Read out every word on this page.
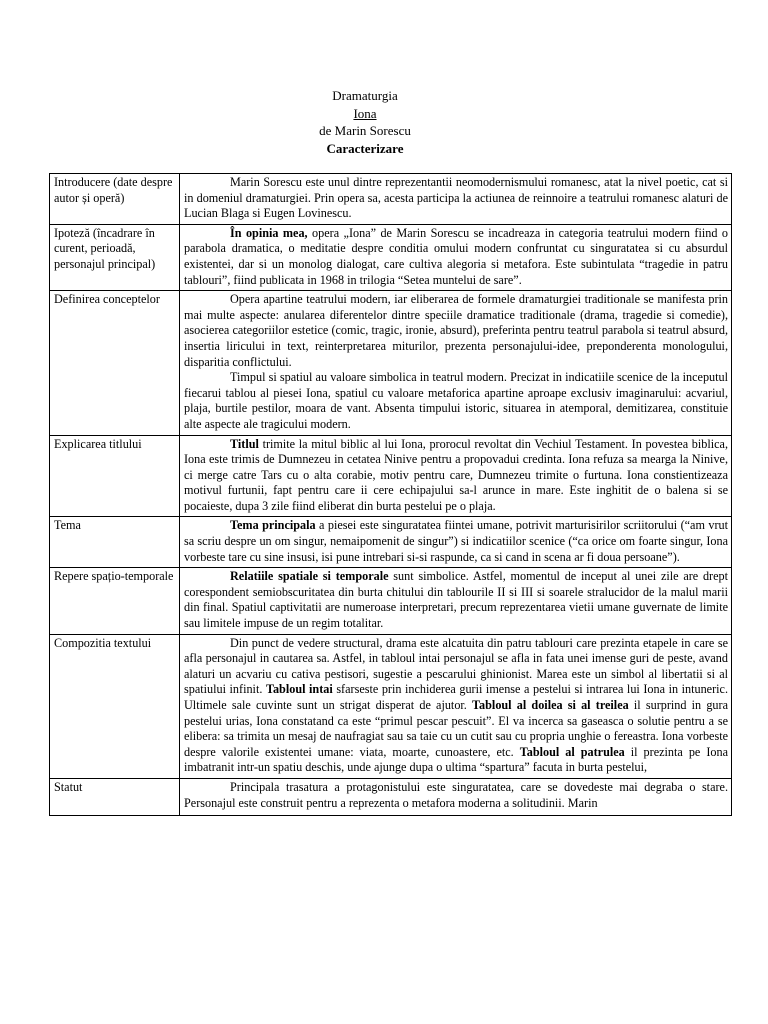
Dramaturgia
Iona
de Marin Sorescu
Caracterizare
Introducere (date despre autor și operă)	Marin Sorescu este unul dintre reprezentantii neomodernismului romanesc, atat la nivel poetic, cat si in domeniul dramaturgiei. Prin opera sa, acesta participa la actiunea de reinnoire a teatrului romanesc alaturi de Lucian Blaga si Eugen Lovinescu.

Ipoteză (încadrare în curent, perioadă, personajul principal)	În opinia mea, opera „Iona” de Marin Sorescu se incadreaza in categoria teatrului modern fiind o parabola dramatica, o meditatie despre conditia omului modern confruntat cu singuratatea si cu absurdul existentei, dar si un monolog dialogat, care cultiva alegoria si metafora. Este subintulata “tragedie in patru tablouri”, fiind publicata in 1968 in trilogia “Setea muntelui de sare”.

Definirea conceptelor	Opera apartine teatrului modern, iar eliberarea de formele dramaturgiei traditionale se manifesta prin mai multe aspecte: anularea diferentelor dintre speciile dramatice traditionale (drama, tragedie si comedie), asocierea categoriilor estetice (comic, tragic, ironie, absurd), preferinta pentru teatrul parabola si teatrul absurd, insertia liricului in text, reinterpretarea miturilor, prezenta personajului-idee, preponderenta monologului, disparitia conflictului.

Timpul si spatiul au valoare simbolica in teatrul modern. Precizat in indicatiile scenice de la inceputul fiecarui tablou al piesei Iona, spatiul cu valoare metaforica apartine aproape exclusiv imaginarului: acvariul, plaja, burtile pestilor, moara de vant. Absenta timpului istoric, situarea in atemporal, demitizarea, constituie alte aspecte ale tragicului modern.

Explicarea titlului	Titlul trimite la mitul biblic al lui Iona, prorocul revoltat din Vechiul Testament. In povestea biblica, Iona este trimis de Dumnezeu in cetatea Ninive pentru a propovadui credinta. Iona refuza sa mearga la Ninive, ci merge catre Tars cu o alta corabie, motiv pentru care, Dumnezeu trimite o furtuna. Iona constientizeaza motivul furtunii, fapt pentru care ii cere echipajului sa-l arunce in mare. Este inghitit de o balena si se pocaieste, dupa 3 zile fiind eliberat din burta pestelui pe o plaja.

Tema	Tema principala a piesei este singuratatea fiintei umane, potrivit marturisirilor scriitorului (“am vrut sa scriu despre un om singur, nemaipomenit de singur”) si indicatiilor scenice (“ca orice om foarte singur, Iona vorbeste tare cu sine insusi, isi pune intrebari si-si raspunde, ca si cand in scena ar fi doua persoane”).

Repere spațio-temporale	Relatiile spatiale si temporale sunt simbolice. Astfel, momentul de inceput al unei zile are drept corespondent semiobscuritatea din burta chitului din tablourile II si III si soarele stralucidor de la malul marii din final. Spatiul captivitatii are numeroase interpretari, precum reprezentarea vietii umane guvernate de limite sau limitele impuse de un regim totalitar.

Compozitia textului	Din punct de vedere structural, drama este alcatuita din patru tablouri care prezinta etapele in care se afla personajul in cautarea sa. Astfel, in tabloul intai personajul se afla in fata unei imense guri de peste, avand alaturi un acvariu cu cativa pestisori, sugestie a pescarului ghinionist. Marea este un simbol al libertatii si al spatiului infinit. Tabloul intai sfarseste prin inchiderea gurii imense a pestelui si intrarea lui Iona in intuneric. Ultimele sale cuvinte sunt un strigat disperat de ajutor. Tabloul al doilea si al treilea il surprind in gura pestelui urias, Iona constatand ca este “primul pescar pescuit”. El va incerca sa gaseasca o solutie pentru a se elibera: sa trimita un mesaj de naufragiat sau sa taie cu un cutit sau cu propria unghie o fereastra. Iona vorbeste despre valorile existentei umane: viata, moarte, cunoastere, etc. Tabloul al patrulea il prezinta pe Iona imbatranit intr-un spatiu deschis, unde ajunge dupa o ultima “spartura” facuta in burta pestelui,

Statut	Principala trasatura a protagonistului este singuratatea, care se dovedeste mai degraba o stare. Personajul este construit pentru a reprezenta o metafora moderna a solitudinii. Marin
